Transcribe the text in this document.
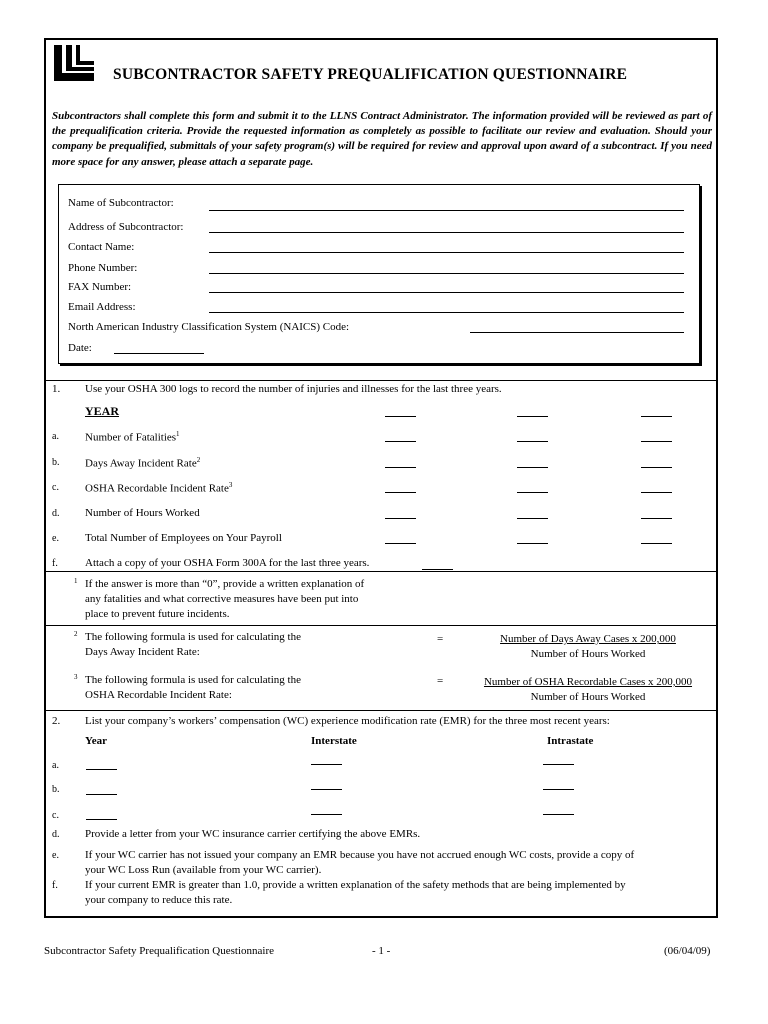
SUBCONTRACTOR SAFETY PREQUALIFICATION QUESTIONNAIRE
Subcontractors shall complete this form and submit it to the LLNS Contract Administrator. The information provided will be reviewed as part of the prequalification criteria. Provide the requested information as completely as possible to facilitate our review and evaluation. Should your company be prequalified, submittals of your safety program(s) will be required for review and approval upon award of a subcontract. If you need more space for any answer, please attach a separate page.
Name of Subcontractor:
Address of Subcontractor:
Contact Name:
Phone Number:
FAX Number:
Email Address:
North American Industry Classification System (NAICS) Code:
Date:
1. Use your OSHA 300 logs to record the number of injuries and illnesses for the last three years.
YEAR
a. Number of Fatalities$^1$
b. Days Away Incident Rate$^2$
c. OSHA Recordable Incident Rate$^3$
d. Number of Hours Worked
e. Total Number of Employees on Your Payroll
f. Attach a copy of your OSHA Form 300A for the last three years.
1 If the answer is more than “0”, provide a written explanation of
any fatalities and what corrective measures have been put into
place to prevent future incidents.
2 The following formula is used for calculating the
Days Away Incident Rate:
=	Number of Days Away Cases x 200,000
Number of Hours Worked
3 The following formula is used for calculating the
OSHA Recordable Incident Rate:
=	Number of OSHA Recordable Cases x 200,000
Number of Hours Worked
2. List your company’s workers’ compensation (WC) experience modification rate (EMR) for the three most recent years:
Year	Interstate	Intrastate
a.
b.
c.
d. Provide a letter from your WC insurance carrier certifying the above EMRs.
e. If your WC carrier has not issued your company an EMR because you have not accrued enough WC costs, provide a copy of
your WC Loss Run (available from your WC carrier).
f. If your current EMR is greater than 1.0, provide a written explanation of the safety methods that are being implemented by
your company to reduce this rate.
Subcontractor Safety Prequalification Questionnaire	- 1 -	(06/04/09)
